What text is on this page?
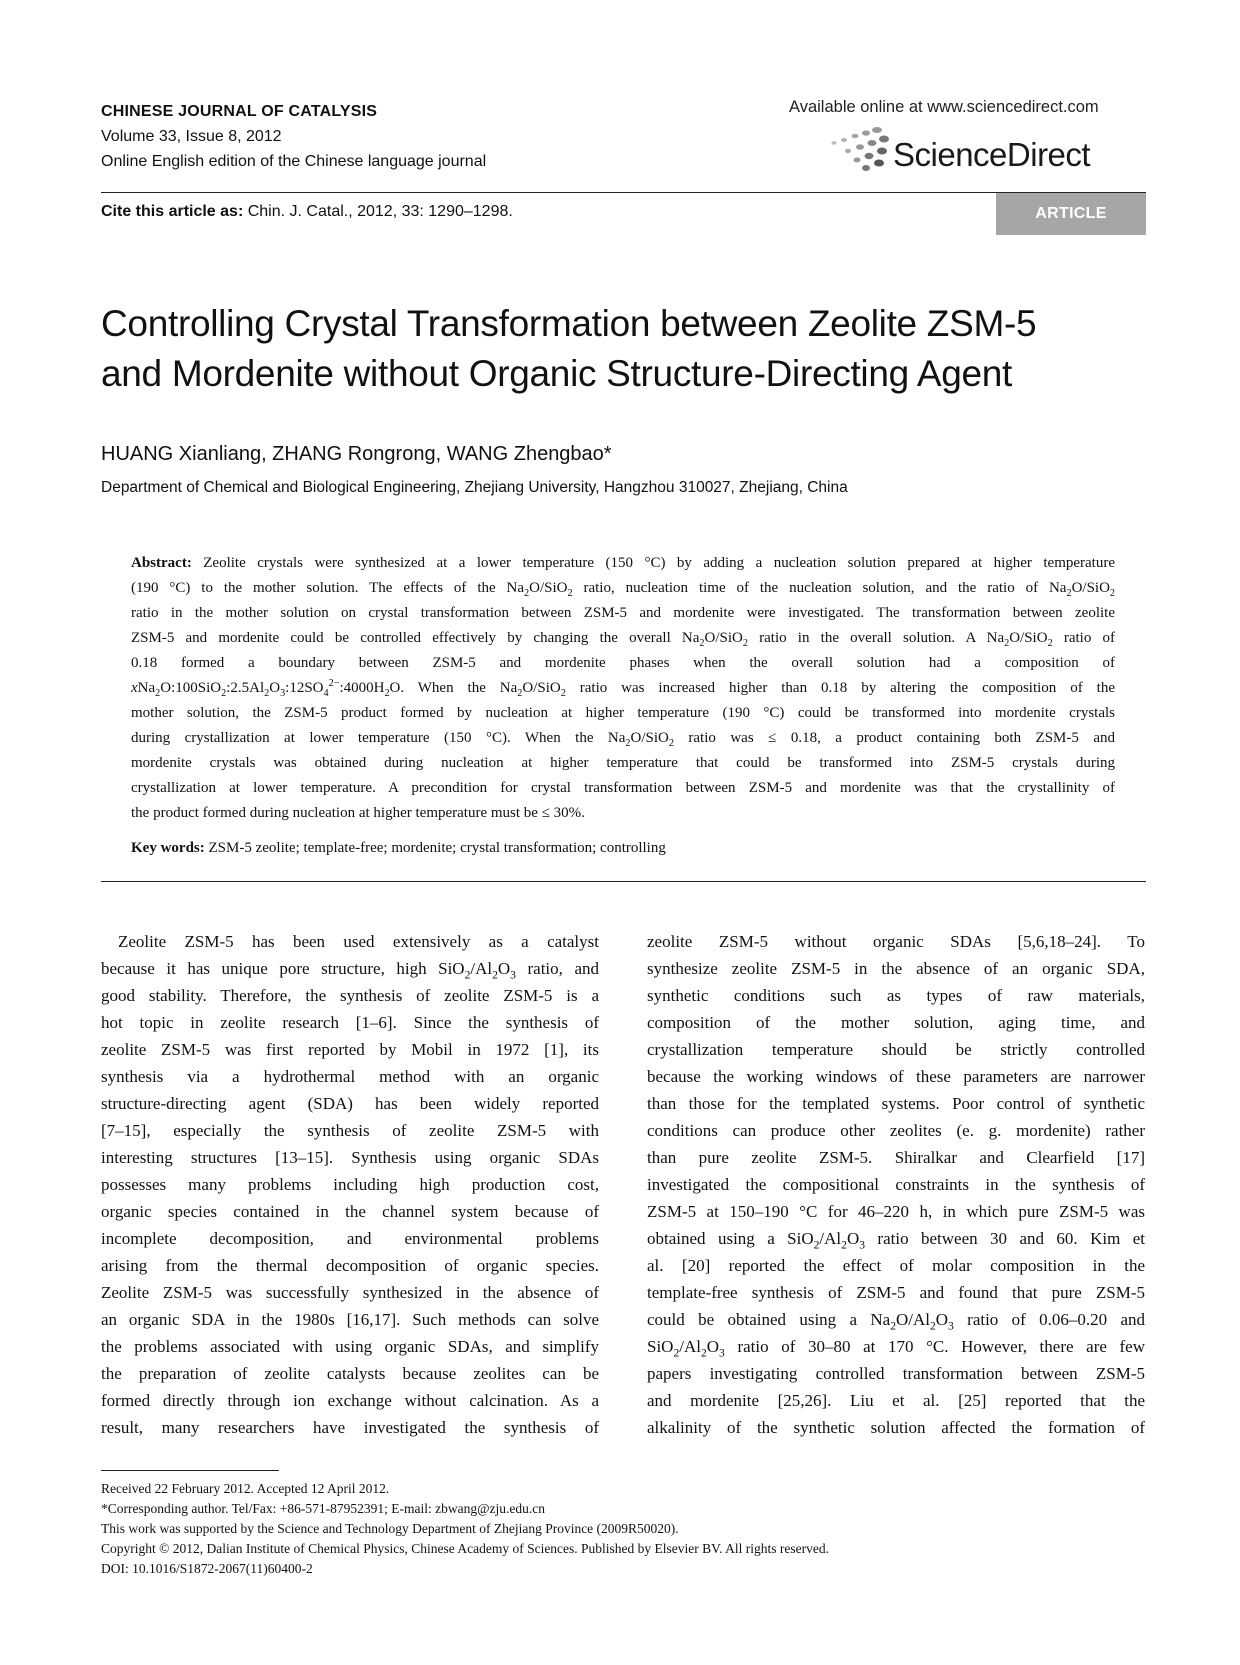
CHINESE JOURNAL OF CATALYSIS
Volume 33, Issue 8, 2012
Online English edition of the Chinese language journal
Available online at www.sciencedirect.com
ScienceDirect
Cite this article as: Chin. J. Catal., 2012, 33: 1290–1298.	ARTICLE
Controlling Crystal Transformation between Zeolite ZSM-5
and Mordenite without Organic Structure-Directing Agent
HUANG Xianliang, ZHANG Rongrong, WANG Zhengbao*
Department of Chemical and Biological Engineering, Zhejiang University, Hangzhou 310027, Zhejiang, China
Abstract: Zeolite crystals were synthesized at a lower temperature (150 °C) by adding a nucleation solution prepared at higher temperature
(190 °C) to the mother solution. The effects of the $Na_2O/SiO_2$ ratio, nucleation time of the nucleation solution, and the ratio of $Na_2O/SiO_2$
ratio in the mother solution on crystal transformation between ZSM-5 and mordenite were investigated. The transformation between zeolite
ZSM-5 and mordenite could be controlled effectively by changing the overall $Na_2O/SiO_2$ ratio in the overall solution. A $Na_2O/SiO_2$ ratio of
0.18 formed a boundary between ZSM-5 and mordenite phases when the overall solution had a composition of
$xNa_2O:100SiO_2:2.5Al_2O_3:12SO_4^{2-}:4000H_2O$. When the $Na_2O/SiO_2$ ratio was increased higher than 0.18 by altering the composition of the
mother solution, the ZSM-5 product formed by nucleation at higher temperature (190 °C) could be transformed into mordenite crystals
during crystallization at lower temperature (150 °C). When the $Na_2O/SiO_2$ ratio was ≤ 0.18, a product containing both ZSM-5 and
mordenite crystals was obtained during nucleation at higher temperature that could be transformed into ZSM-5 crystals during
crystallization at lower temperature. A precondition for crystal transformation between ZSM-5 and mordenite was that the crystallinity of
the product formed during nucleation at higher temperature must be ≤ 30%.
Key words: ZSM-5 zeolite; template-free; mordenite; crystal transformation; controlling
 Zeolite ZSM-5 has been used extensively as a catalyst
because it has unique pore structure, high $SiO_2/Al_2O_3$ ratio, and
good stability. Therefore, the synthesis of zeolite ZSM-5 is a
hot topic in zeolite research [1–6]. Since the synthesis of
zeolite ZSM-5 was first reported by Mobil in 1972 [1], its
synthesis via a hydrothermal method with an organic
structure-directing agent (SDA) has been widely reported
[7–15], especially the synthesis of zeolite ZSM-5 with
interesting structures [13–15]. Synthesis using organic SDAs
possesses many problems including high production cost,
organic species contained in the channel system because of
incomplete decomposition, and environmental problems
arising from the thermal decomposition of organic species.
Zeolite ZSM-5 was successfully synthesized in the absence of
an organic SDA in the 1980s [16,17]. Such methods can solve
the problems associated with using organic SDAs, and simplify
the preparation of zeolite catalysts because zeolites can be
formed directly through ion exchange without calcination. As a
result, many researchers have investigated the synthesis of
zeolite ZSM-5 without organic SDAs [5,6,18–24]. To
synthesize zeolite ZSM-5 in the absence of an organic SDA,
synthetic conditions such as types of raw materials,
composition of the mother solution, aging time, and
crystallization temperature should be strictly controlled
because the working windows of these parameters are narrower
than those for the templated systems. Poor control of synthetic
conditions can produce other zeolites (e. g. mordenite) rather
than pure zeolite ZSM-5. Shiralkar and Clearfield [17]
investigated the compositional constraints in the synthesis of
ZSM-5 at 150–190 °C for 46–220 h, in which pure ZSM-5 was
obtained using a $SiO_2/Al_2O_3$ ratio between 30 and 60. Kim et
al. [20] reported the effect of molar composition in the
template-free synthesis of ZSM-5 and found that pure ZSM-5
could be obtained using a $Na_2O/Al_2O_3$ ratio of 0.06–0.20 and
$SiO_2/Al_2O_3$ ratio of 30–80 at 170 °C. However, there are few
papers investigating controlled transformation between ZSM-5
and mordenite [25,26]. Liu et al. [25] reported that the
alkalinity of the synthetic solution affected the formation of
Received 22 February 2012. Accepted 12 April 2012.
*Corresponding author. Tel/Fax: +86-571-87952391; E-mail: zbwang@zju.edu.cn
This work was supported by the Science and Technology Department of Zhejiang Province (2009R50020).
Copyright © 2012, Dalian Institute of Chemical Physics, Chinese Academy of Sciences. Published by Elsevier BV. All rights reserved.
DOI: 10.1016/S1872-2067(11)60400-2
